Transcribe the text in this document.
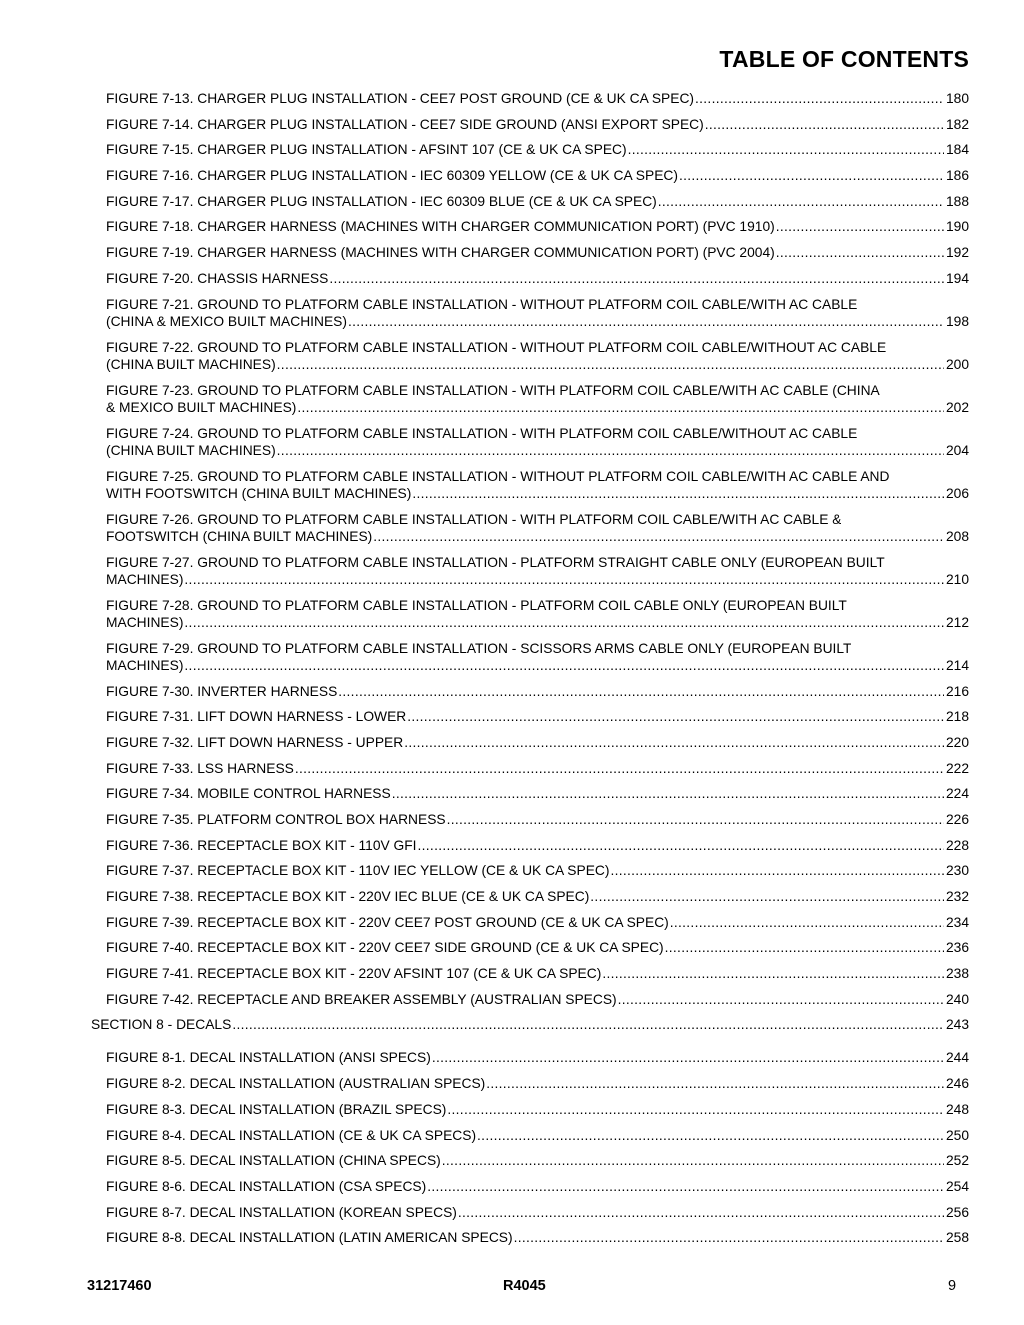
TABLE OF CONTENTS
FIGURE 7-13. CHARGER PLUG INSTALLATION - CEE7 POST GROUND (CE & UK CA SPEC) .....	180
FIGURE 7-14. CHARGER PLUG INSTALLATION - CEE7 SIDE GROUND (ANSI EXPORT SPEC) .....	182
FIGURE 7-15. CHARGER PLUG INSTALLATION - AFSINT 107 (CE & UK CA SPEC) .....	184
FIGURE 7-16. CHARGER PLUG INSTALLATION - IEC 60309 YELLOW (CE & UK CA SPEC) .....	186
FIGURE 7-17. CHARGER PLUG INSTALLATION - IEC 60309 BLUE (CE & UK CA SPEC) .....	188
FIGURE 7-18. CHARGER HARNESS (MACHINES WITH CHARGER COMMUNICATION PORT) (PVC 1910) .....	190
FIGURE 7-19. CHARGER HARNESS (MACHINES WITH CHARGER COMMUNICATION PORT) (PVC 2004) .....	192
FIGURE 7-20. CHASSIS HARNESS .....	194
FIGURE 7-21. GROUND TO PLATFORM CABLE INSTALLATION - WITHOUT PLATFORM COIL CABLE/WITH AC CABLE
(CHINA & MEXICO BUILT MACHINES) .....	198
FIGURE 7-22. GROUND TO PLATFORM CABLE INSTALLATION - WITHOUT PLATFORM COIL CABLE/WITHOUT AC CABLE
(CHINA BUILT MACHINES) .....	200
FIGURE 7-23. GROUND TO PLATFORM CABLE INSTALLATION - WITH PLATFORM COIL CABLE/WITH AC CABLE (CHINA
& MEXICO BUILT MACHINES) .....	202
FIGURE 7-24. GROUND TO PLATFORM CABLE INSTALLATION - WITH PLATFORM COIL CABLE/WITHOUT AC CABLE
(CHINA BUILT MACHINES) .....	204
FIGURE 7-25. GROUND TO PLATFORM CABLE INSTALLATION - WITHOUT PLATFORM COIL CABLE/WITH AC CABLE AND
WITH FOOTSWITCH (CHINA BUILT MACHINES) .....	206
FIGURE 7-26. GROUND TO PLATFORM CABLE INSTALLATION - WITH PLATFORM COIL CABLE/WITH AC CABLE &
FOOTSWITCH (CHINA BUILT MACHINES) .....	208
FIGURE 7-27. GROUND TO PLATFORM CABLE INSTALLATION - PLATFORM STRAIGHT CABLE ONLY (EUROPEAN BUILT
MACHINES) .....	210
FIGURE 7-28. GROUND TO PLATFORM CABLE INSTALLATION - PLATFORM COIL CABLE ONLY (EUROPEAN BUILT
MACHINES) .....	212
FIGURE 7-29. GROUND TO PLATFORM CABLE INSTALLATION - SCISSORS ARMS CABLE ONLY (EUROPEAN BUILT
MACHINES) .....	214
FIGURE 7-30. INVERTER HARNESS .....	216
FIGURE 7-31. LIFT DOWN HARNESS - LOWER .....	218
FIGURE 7-32. LIFT DOWN HARNESS - UPPER .....	220
FIGURE 7-33. LSS HARNESS .....	222
FIGURE 7-34. MOBILE CONTROL HARNESS .....	224
FIGURE 7-35. PLATFORM CONTROL BOX HARNESS .....	226
FIGURE 7-36. RECEPTACLE BOX KIT - 110V GFI .....	228
FIGURE 7-37. RECEPTACLE BOX KIT - 110V IEC YELLOW (CE & UK CA SPEC) .....	230
FIGURE 7-38. RECEPTACLE BOX KIT - 220V IEC BLUE (CE & UK CA SPEC) .....	232
FIGURE 7-39. RECEPTACLE BOX KIT - 220V CEE7 POST GROUND (CE & UK CA SPEC) .....	234
FIGURE 7-40. RECEPTACLE BOX KIT - 220V CEE7 SIDE GROUND (CE & UK CA SPEC) .....	236
FIGURE 7-41. RECEPTACLE BOX KIT - 220V AFSINT 107 (CE & UK CA SPEC) .....	238
FIGURE 7-42. RECEPTACLE AND BREAKER ASSEMBLY (AUSTRALIAN SPECS) .....	240
SECTION 8 - DECALS .....	243
FIGURE 8-1. DECAL INSTALLATION (ANSI SPECS) .....	244
FIGURE 8-2. DECAL INSTALLATION (AUSTRALIAN SPECS) .....	246
FIGURE 8-3. DECAL INSTALLATION (BRAZIL SPECS) .....	248
FIGURE 8-4. DECAL INSTALLATION (CE & UK CA SPECS) .....	250
FIGURE 8-5. DECAL INSTALLATION (CHINA SPECS) .....	252
FIGURE 8-6. DECAL INSTALLATION (CSA SPECS) .....	254
FIGURE 8-7. DECAL INSTALLATION (KOREAN SPECS) .....	256
FIGURE 8-8. DECAL INSTALLATION (LATIN AMERICAN SPECS) .....	258
31217460	R4045	9
